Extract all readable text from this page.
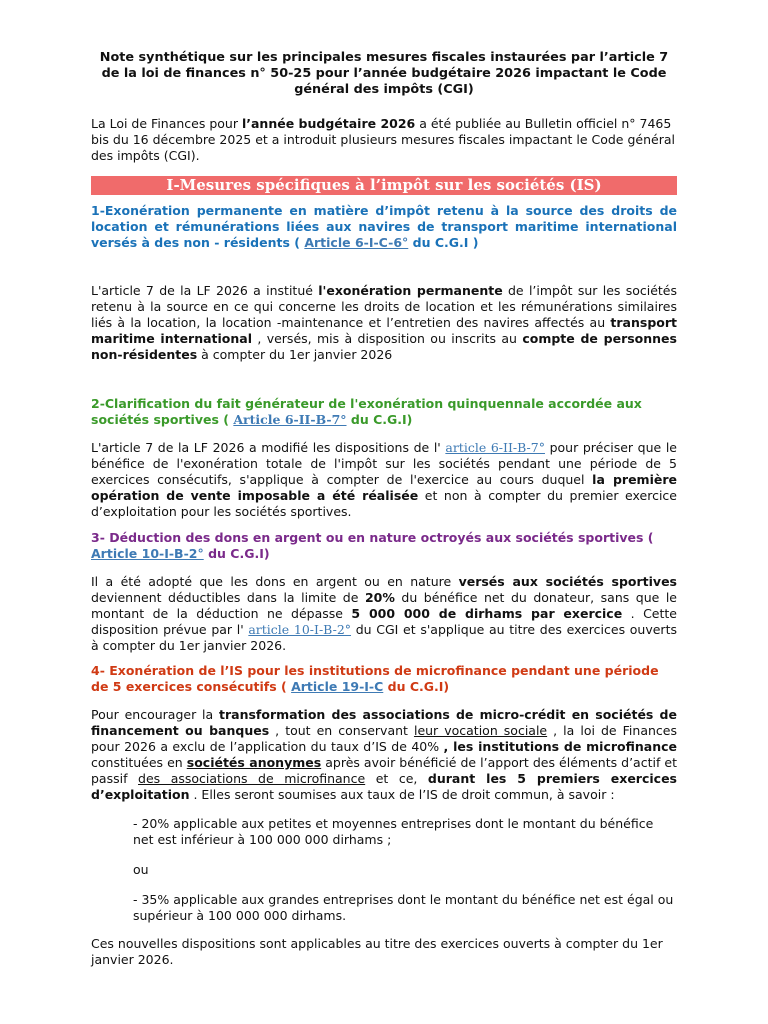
Note synthétique sur les principales mesures fiscales instaurées par l’article 7
de la loi de finances n° 50-25 pour l’année budgétaire 2026 impactant le Code
général des impôts (CGI)

La Loi de Finances pour l’année budgétaire 2026 a été publiée au Bulletin officiel n° 7465 bis du 16 décembre 2025 et a introduit plusieurs mesures fiscales impactant le Code général des impôts (CGI).

I-Mesures spécifiques à l’impôt sur les sociétés (IS)
1-Exonération permanente en matière d’impôt retenu à la source des droits de location et rémunérations liées aux navires de transport maritime international versés à des non - résidents ( Article 6-I-C-6° du C.G.I )

L'article 7 de la LF 2026 a institué l'exonération permanente de l’impôt sur les sociétés retenu à la source en ce qui concerne les droits de location et les rémunérations similaires liés à la location, la location -maintenance et l’entretien des navires affectés au transport maritime international , versés, mis à disposition ou inscrits au compte de personnes non-résidentes à compter du 1er janvier 2026

2-Clarification du fait générateur de l'exonération quinquennale accordée aux sociétés sportives ( Article 6-II-B-7° du C.G.I)

L'article 7 de la LF 2026 a modifié les dispositions de l' article 6-II-B-7° pour préciser que le bénéfice de l'exonération totale de l'impôt sur les sociétés pendant une période de 5 exercices consécutifs, s'applique à compter de l'exercice au cours duquel la première opération de vente imposable a été réalisée et non à compter du premier exercice d’exploitation pour les sociétés sportives.

3- Déduction des dons en argent ou en nature octroyés aux sociétés sportives ( Article 10-I-B-2° du C.G.I)

Il a été adopté que les dons en argent ou en nature versés aux sociétés sportives deviennent déductibles dans la limite de 20% du bénéfice net du donateur, sans que le montant de la déduction ne dépasse 5 000 000 de dirhams par exercice . Cette disposition prévue par l' article 10-I-B-2° du CGI et s'applique au titre des exercices ouverts à compter du 1er janvier 2026.

4- Exonération de l’IS pour les institutions de microfinance pendant une période de 5 exercices consécutifs ( Article 19-I-C du C.G.I)

Pour encourager la transformation des associations de micro-crédit en sociétés de financement ou banques , tout en conservant leur vocation sociale , la loi de Finances pour 2026 a exclu de l’application du taux d’IS de 40% , les institutions de microfinance constituées en sociétés anonymes après avoir bénéficié de l’apport des éléments d’actif et passif des associations de microfinance et ce, durant les 5 premiers exercices d’exploitation . Elles seront soumises aux taux de l’IS de droit commun, à savoir :

- 20% applicable aux petites et moyennes entreprises dont le montant du bénéfice net est inférieur à 100 000 000 dirhams ;

ou

- 35% applicable aux grandes entreprises dont le montant du bénéfice net est égal ou supérieur à 100 000 000 dirhams.

Ces nouvelles dispositions sont applicables au titre des exercices ouverts à compter du 1er janvier 2026.
